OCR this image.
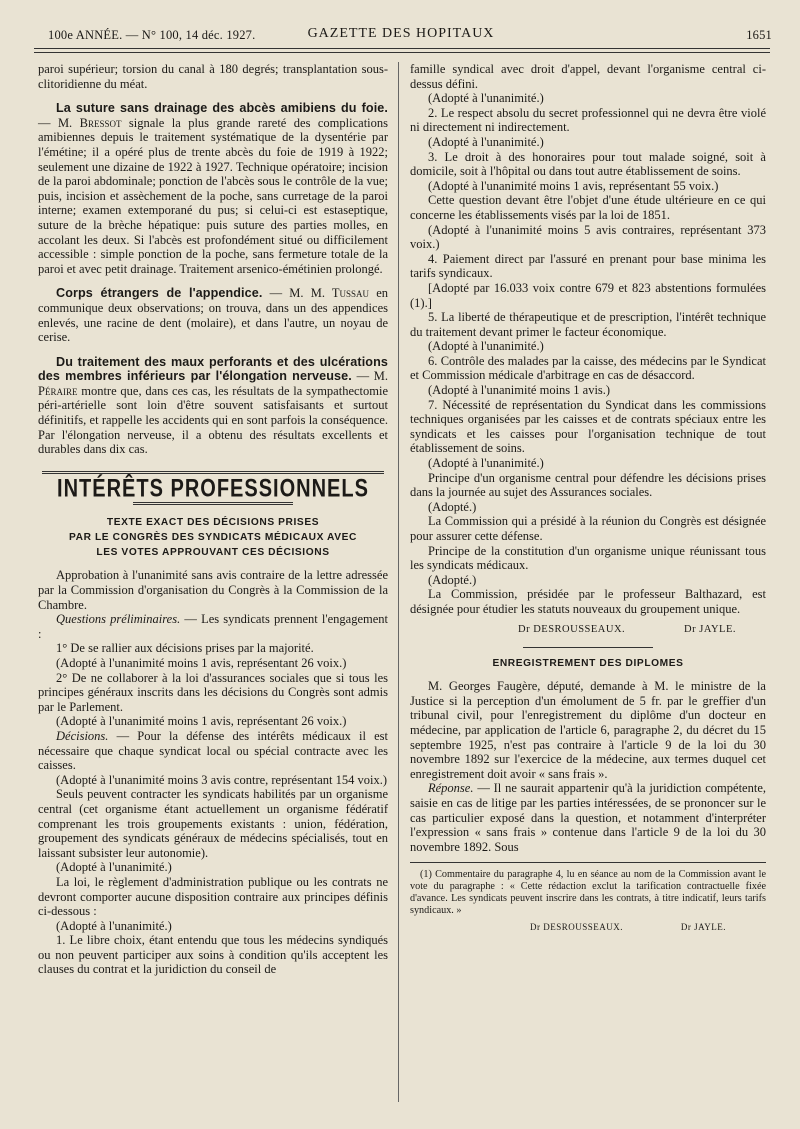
100e ANNÉE. — N° 100, 14 déc. 1927.	GAZETTE DES HOPITAUX	1651

paroi supérieur; torsion du canal à 180 degrés; transplantation sous-clitoridienne du méat.

La suture sans drainage des abcès amibiens du foie. — M. Bressot signale la plus grande rareté des complications amibiennes depuis le traitement systématique de la dysentérie par l'émétine; il a opéré plus de trente abcès du foie de 1919 à 1922; seulement une dizaine de 1922 à 1927. Technique opératoire; incision de la paroi abdominale; ponction de l'abcès sous le contrôle de la vue; puis, incision et assèchement de la poche, sans curretage de la paroi interne; examen extemporané du pus; si celui-ci est estaseptique, suture de la brèche hépatique: puis suture des parties molles, en accolant les deux. Si l'abcès est profondément situé ou difficilement accessible : simple ponction de la poche, sans fermeture totale de la paroi et avec petit drainage. Traitement arsenico-émétinien prolongé.

Corps étrangers de l'appendice. — M. M. Tussau en communique deux observations; on trouva, dans un des appendices enlevés, une racine de dent (molaire), et dans l'autre, un noyau de cerise.

Du traitement des maux perforants et des ulcérations des membres inférieurs par l'élongation nerveuse. — M. Péraire montre que, dans ces cas, les résultats de la sympathectomie péri-artérielle sont loin d'être souvent satisfaisants et surtout définitifs, et rappelle les accidents qui en sont parfois la conséquence. Par l'élongation nerveuse, il a obtenu des résultats excellents et durables dans dix cas.

INTÉRÊTS PROFESSIONNELS
TEXTE EXACT DES DÉCISIONS PRISES
PAR LE CONGRÈS DES SYNDICATS MÉDICAUX AVEC
LES VOTES APPROUVANT CES DÉCISIONS

Approbation à l'unanimité sans avis contraire de la lettre adressée par la Commission d'organisation du Congrès à la Commission de la Chambre.

Questions préliminaires. — Les syndicats prennent l'engagement :

1° De se rallier aux décisions prises par la majorité.

(Adopté à l'unanimité moins 1 avis, représentant 26 voix.)

2° De ne collaborer à la loi d'assurances sociales que si tous les principes généraux inscrits dans les décisions du Congrès sont admis par le Parlement.

(Adopté à l'unanimité moins 1 avis, représentant 26 voix.)

Décisions. — Pour la défense des intérêts médicaux il est nécessaire que chaque syndicat local ou spécial contracte avec les caisses.

(Adopté à l'unanimité moins 3 avis contre, représentant 154 voix.)

Seuls peuvent contracter les syndicats habilités par un organisme central (cet organisme étant actuellement un organisme fédératif comprenant les trois groupements existants : union, fédération, groupement des syndicats généraux de médecins spécialisés, tout en laissant subsister leur autonomie).

(Adopté à l'unanimité.)

La loi, le règlement d'administration publique ou les contrats ne devront comporter aucune disposition contraire aux principes définis ci-dessous :

(Adopté à l'unanimité.)

1. Le libre choix, étant entendu que tous les médecins syndiqués ou non peuvent participer aux soins à condition qu'ils acceptent les clauses du contrat et la juridiction du conseil de

famille syndical avec droit d'appel, devant l'organisme central ci-dessus défini.

(Adopté à l'unanimité.)

2. Le respect absolu du secret professionnel qui ne devra être violé ni directement ni indirectement.

(Adopté à l'unanimité.)

3. Le droit à des honoraires pour tout malade soigné, soit à domicile, soit à l'hôpital ou dans tout autre établissement de soins.

(Adopté à l'unanimité moins 1 avis, représentant 55 voix.)

Cette question devant être l'objet d'une étude ultérieure en ce qui concerne les établissements visés par la loi de 1851.

(Adopté à l'unanimité moins 5 avis contraires, représentant 373 voix.)

4. Paiement direct par l'assuré en prenant pour base minima les tarifs syndicaux.

[Adopté par 16.033 voix contre 679 et 823 abstentions formulées (1).]

5. La liberté de thérapeutique et de prescription, l'intérêt technique du traitement devant primer le facteur économique.

(Adopté à l'unanimité.)

6. Contrôle des malades par la caisse, des médecins par le Syndicat et Commission médicale d'arbitrage en cas de désaccord.

(Adopté à l'unanimité moins 1 avis.)

7. Nécessité de représentation du Syndicat dans les commissions techniques organisées par les caisses et de contrats spéciaux entre les syndicats et les caisses pour l'organisation technique de tout établissement de soins.

(Adopté à l'unanimité.)

Principe d'un organisme central pour défendre les décisions prises dans la journée au sujet des Assurances sociales.

(Adopté.)

La Commission qui a présidé à la réunion du Congrès est désignée pour assurer cette défense.

Principe de la constitution d'un organisme unique réunissant tous les syndicats médicaux.

(Adopté.)

La Commission, présidée par le professeur Balthazard, est désignée pour étudier les statuts nouveaux du groupement unique.

Dr DESROUSSEAUX.	Dr JAYLE.
ENREGISTREMENT DES DIPLOMES

M. Georges Faugère, député, demande à M. le ministre de la Justice si la perception d'un émolument de 5 fr. par le greffier d'un tribunal civil, pour l'enregistrement du diplôme d'un docteur en médecine, par application de l'article 6, paragraphe 2, du décret du 15 septembre 1925, n'est pas contraire à l'article 9 de la loi du 30 novembre 1892 sur l'exercice de la médecine, aux termes duquel cet enregistrement doit avoir « sans frais ».

Réponse. — Il ne saurait appartenir qu'à la juridiction compétente, saisie en cas de litige par les parties intéressées, de se prononcer sur le cas particulier exposé dans la question, et notamment d'interpréter l'expression « sans frais » contenue dans l'article 9 de la loi du 30 novembre 1892. Sous

(1) Commentaire du paragraphe 4, lu en séance au nom de la Commission avant le vote du paragraphe : « Cette rédaction exclut la tarification contractuelle fixée d'avance. Les syndicats peuvent inscrire dans les contrats, à titre indicatif, leurs tarifs syndicaux. »

Dr DESROUSSEAUX.	Dr JAYLE.
